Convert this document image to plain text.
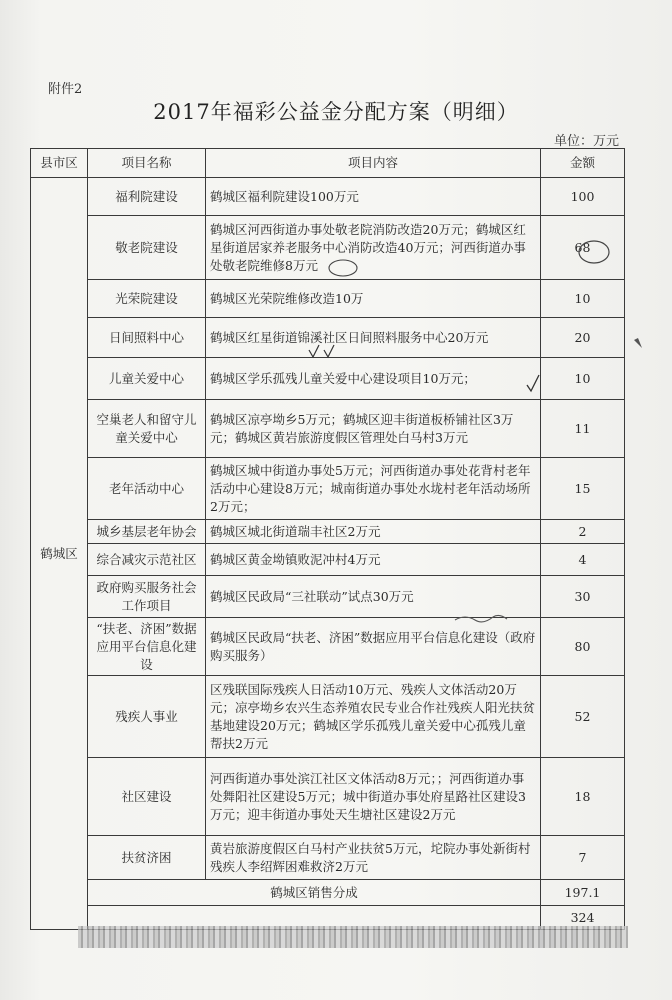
附件2
2017年福彩公益金分配方案（明细）
单位：万元
县市区	项目名称	项目内容	金额
鹤城区	福利院建设	鹤城区福利院建设100万元	100
	敬老院建设	鹤城区河西街道办事处敬老院消防改造20万元；鹤城区红星街道居家养老服务中心消防改造40万元；河西街道办事处敬老院维修8万元	68
	光荣院建设	鹤城区光荣院维修改造10万	10
	日间照料中心	鹤城区红星街道锦溪社区日间照料服务中心20万元	20
	儿童关爱中心	鹤城区学乐孤残儿童关爱中心建设项目10万元；	10
	空巢老人和留守儿童关爱中心	鹤城区凉亭坳乡5万元；鹤城区迎丰街道板桥铺社区3万元；鹤城区黄岩旅游度假区管理处白马村3万元	11
	老年活动中心	鹤城区城中街道办事处5万元；河西街道办事处花背村老年活动中心建设8万元；城南街道办事处水垅村老年活动场所2万元；	15
	城乡基层老年协会	鹤城区城北街道瑞丰社区2万元	2
	综合减灾示范社区	鹤城区黄金坳镇败泥冲村4万元	4
	政府购买服务社会工作项目	鹤城区民政局“三社联动”试点30万元	30
	“扶老、济困”数据应用平台信息化建设	鹤城区民政局“扶老、济困”数据应用平台信息化建设（政府购买服务）	80
	残疾人事业	区残联国际残疾人日活动10万元、残疾人文体活动20万元；凉亭坳乡农兴生态养殖农民专业合作社残疾人阳光扶贫基地建设20万元；鹤城区学乐孤残儿童关爱中心孤残儿童帮扶2万元	52
	社区建设	河西街道办事处滨江社区文体活动8万元；；河西街道办事处舞阳社区建设5万元；城中街道办事处府星路社区建设3万元；迎丰街道办事处天生塘社区建设2万元	18
	扶贫济困	黄岩旅游度假区白马村产业扶贫5万元，坨院办事处新街村残疾人李绍辉困难救济2万元	7
	鹤城区销售分成		197.1
			324
